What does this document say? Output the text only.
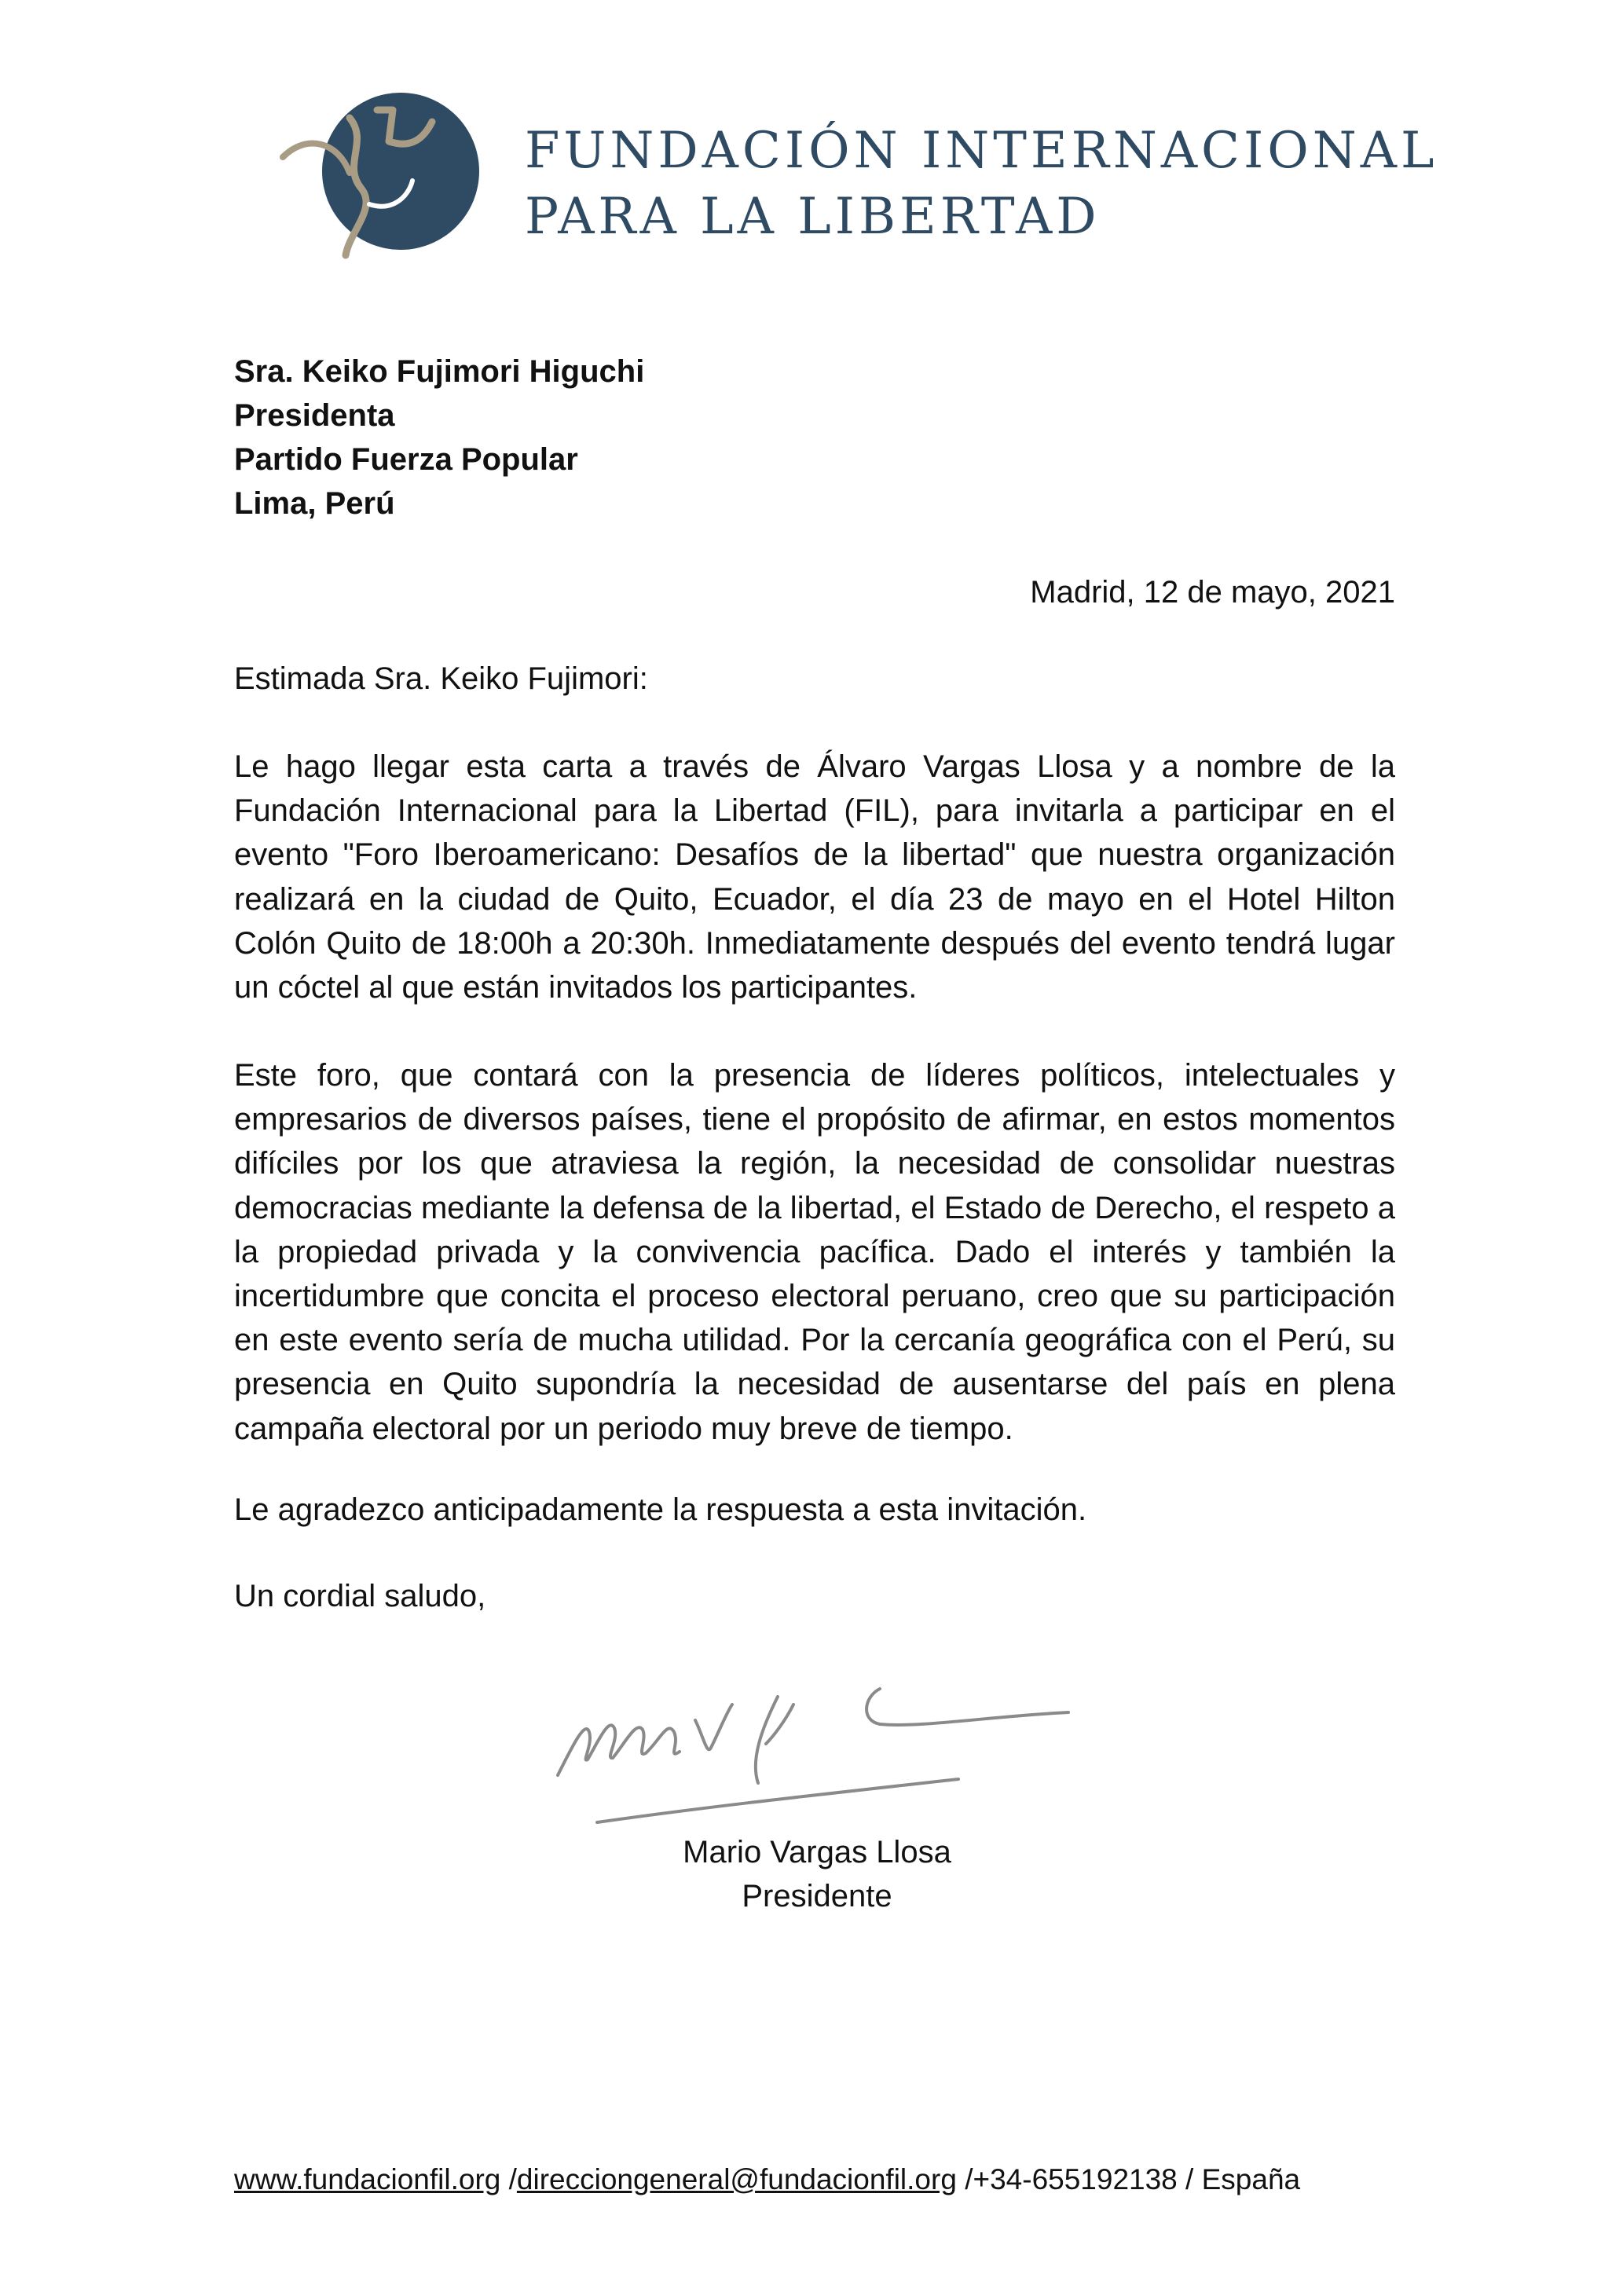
FUNDACIÓN INTERNACIONAL
PARA LA LIBERTAD
Sra. Keiko Fujimori Higuchi
Presidenta
Partido Fuerza Popular
Lima, Perú
Madrid, 12 de mayo, 2021
Estimada Sra. Keiko Fujimori:

Le hago llegar esta carta a través de Álvaro Vargas Llosa y a nombre de la Fundación Internacional para la Libertad (FIL), para invitarla a participar en el evento "Foro Iberoamericano: Desafíos de la libertad" que nuestra organización realizará en la ciudad de Quito, Ecuador, el día 23 de mayo en el Hotel Hilton Colón Quito de 18:00h a 20:30h. Inmediatamente después del evento tendrá lugar un cóctel al que están invitados los participantes.

Este foro, que contará con la presencia de líderes políticos, intelectuales y empresarios de diversos países, tiene el propósito de afirmar, en estos momentos difíciles por los que atraviesa la región, la necesidad de consolidar nuestras democracias mediante la defensa de la libertad, el Estado de Derecho, el respeto a la propiedad privada y la convivencia pacífica. Dado el interés y también la incertidumbre que concita el proceso electoral peruano, creo que su participación en este evento sería de mucha utilidad. Por la cercanía geográfica con el Perú, su presencia en Quito supondría la necesidad de ausentarse del país en plena campaña electoral por un periodo muy breve de tiempo.

Le agradezco anticipadamente la respuesta a esta invitación.
Un cordial saludo,
Mario Vargas Llosa
Presidente
www.fundacionfil.org /direcciongeneral@fundacionfil.org /+34-655192138 / España
